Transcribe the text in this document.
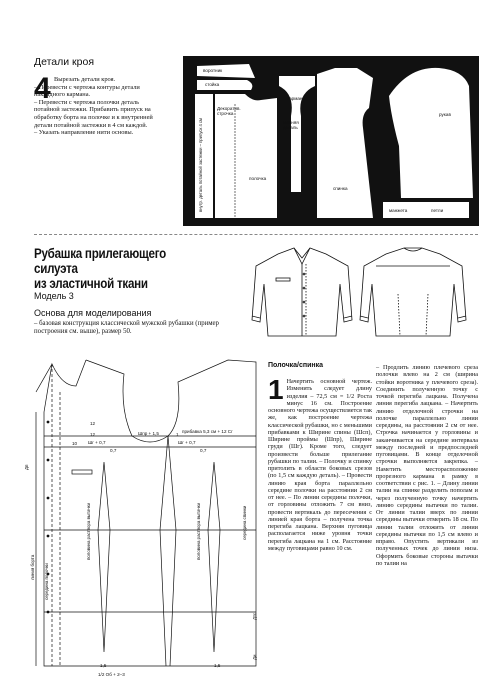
Детали кроя
4 Вырезать детали кроя.

– Перевести с чертежа контуры детали накладного кармана.

– Перевести с чертежа полочки деталь потайной застежки. Прибавить припуск на обработку борта на полочке и к внутренней детали потайной застежки в 4 см каждой.

– Указать направление нити основы.

воротник
стойка
внутр. деталь потайной застежки – припуск 4 см
Декоратив. строчка
полочка
карман
нижняя деталь
спинка
рукав
манжета	петли
Рубашка прилегающего силуэта
из эластичной ткани
Модель 3
Основа для моделирования
– базовая конструкция классической мужской рубашки (пример построения см. выше), размер 50.
Шпр + 1,5
Шг + 0,7	Шг + 0,7
прибавка 5,3 см + 12 Сг
12
12
10
1
1,5	1,5
0,7	0,7
1/2 Об + 2–3
Дтс
Ди
Дп
половина раствора вытачки	половина раствора вытачки
середина полочки
линия борта
середина спинки
Полочка/спинка
1 Начертить основной чертеж. Изменить следует длину изделия – 72,5 см = 1/2 Роста минус 16 см. Построение основного чертежа осуществляется так же, как построение чертежа классической рубашки, но с меньшими прибавками к Ширине спины (Шсп), Ширине проймы (Шпр), Ширине груди (Шг). Кроме того, следует произвести больше прилегание рубашки по талии. – Полочку и спинку притолить в области боковых срезов (по 1,5 см каждую деталь). – Провести линию края борта параллельно середине полочки на расстоянии 2 см от нее. – По линии середины полочки, от горловины отложить 7 см вниз, провести вертикаль до пересечения с линией края борта – получена точка перегиба лацкана. Верхняя пуговица располагается ниже уровня точки перегиба лацкана на 1 см. Расстояние между пуговицами равно 10 см.

– Продлить линию плечевого среза полочки влево на 2 см (ширина стойки воротника у плечевого среза). Соединить полученную точку с точкой перегиба лацкана. Получена линия перегиба лацкана. – Начертить линию отделочной строчки на полочке параллельно линии середины, на расстоянии 2 см от нее. Строчка начинается у горловины и заканчивается на середине интервала между последней и предпоследней пуговицами. В конце отделочной строчки выполняется закрепка. – Наметить месторасположение прорезного кармана в рамку в соответствии с рис. 1. – Длину линии талии на спинке разделить пополам и через полученную точку начертить линию середины вытачки по талии. От линии талии вверх по линии середины вытачки отмерить 18 см. По линии талии отложить от линии середины вытачки по 1,5 см влево и вправо. Опустить вертикали из полученных точек до линии низа. Оформить боковые стороны вытачки по талии на
